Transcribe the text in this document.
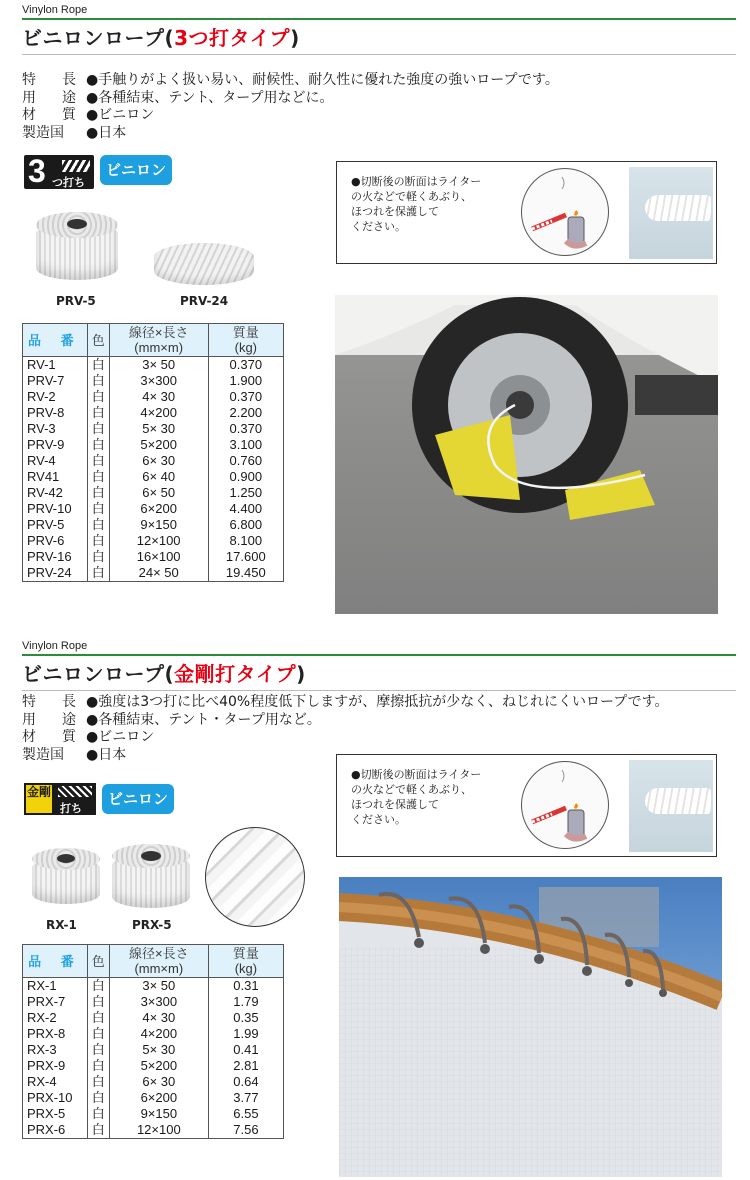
Vinylon Rope
ビニロンロープ(3つ打タイプ)
特　長 ●手触りがよく扱い易い、耐候性、耐久性に優れた強度の強いロープです。
用　途 ●各種結束、テント、タープ用などに。
材　質 ●ビニロン
製造国	●日本
3 つ打ち
ビニロン
PRV-5	PRV-24
品 番	色	線径×長さ
(mm×m)	質量
(kg)
RV-1	白	3× 50	0.370
PRV-7	白	3×300	1.900
RV-2	白	4× 30	0.370
PRV-8	白	4×200	2.200
RV-3	白	5× 30	0.370
PRV-9	白	5×200	3.100
RV-4	白	6× 30	0.760
RV41	白	6× 40	0.900
RV-42	白	6× 50	1.250
PRV-10	白	6×200	4.400
PRV-5	白	9×150	6.800
PRV-6	白	12×100	8.100
PRV-16	白	16×100	17.600
PRV-24	白	24× 50	19.450
●切断後の断面はライター
の火などで軽くあぶり、
ほつれを保護して
ください。
Vinylon Rope
ビニロンロープ(金剛打タイプ)
特　長 ●強度は3つ打に比べ40%程度低下しますが、摩擦抵抗が少なく、ねじれにくいロープです。
用　途 ●各種結束、テント・タープ用など。
材　質 ●ビニロン
製造国	●日本
金剛
打ち
ビニロン
RX-1	PRX-5
品 番	色	線径×長さ
(mm×m)	質量
(kg)
RX-1	白	3× 50	0.31
PRX-7	白	3×300	1.79
RX-2	白	4× 30	0.35
PRX-8	白	4×200	1.99
RX-3	白	5× 30	0.41
PRX-9	白	5×200	2.81
RX-4	白	6× 30	0.64
PRX-10	白	6×200	3.77
PRX-5	白	9×150	6.55
PRX-6	白	12×100	7.56
●切断後の断面はライター
の火などで軽くあぶり、
ほつれを保護して
ください。
